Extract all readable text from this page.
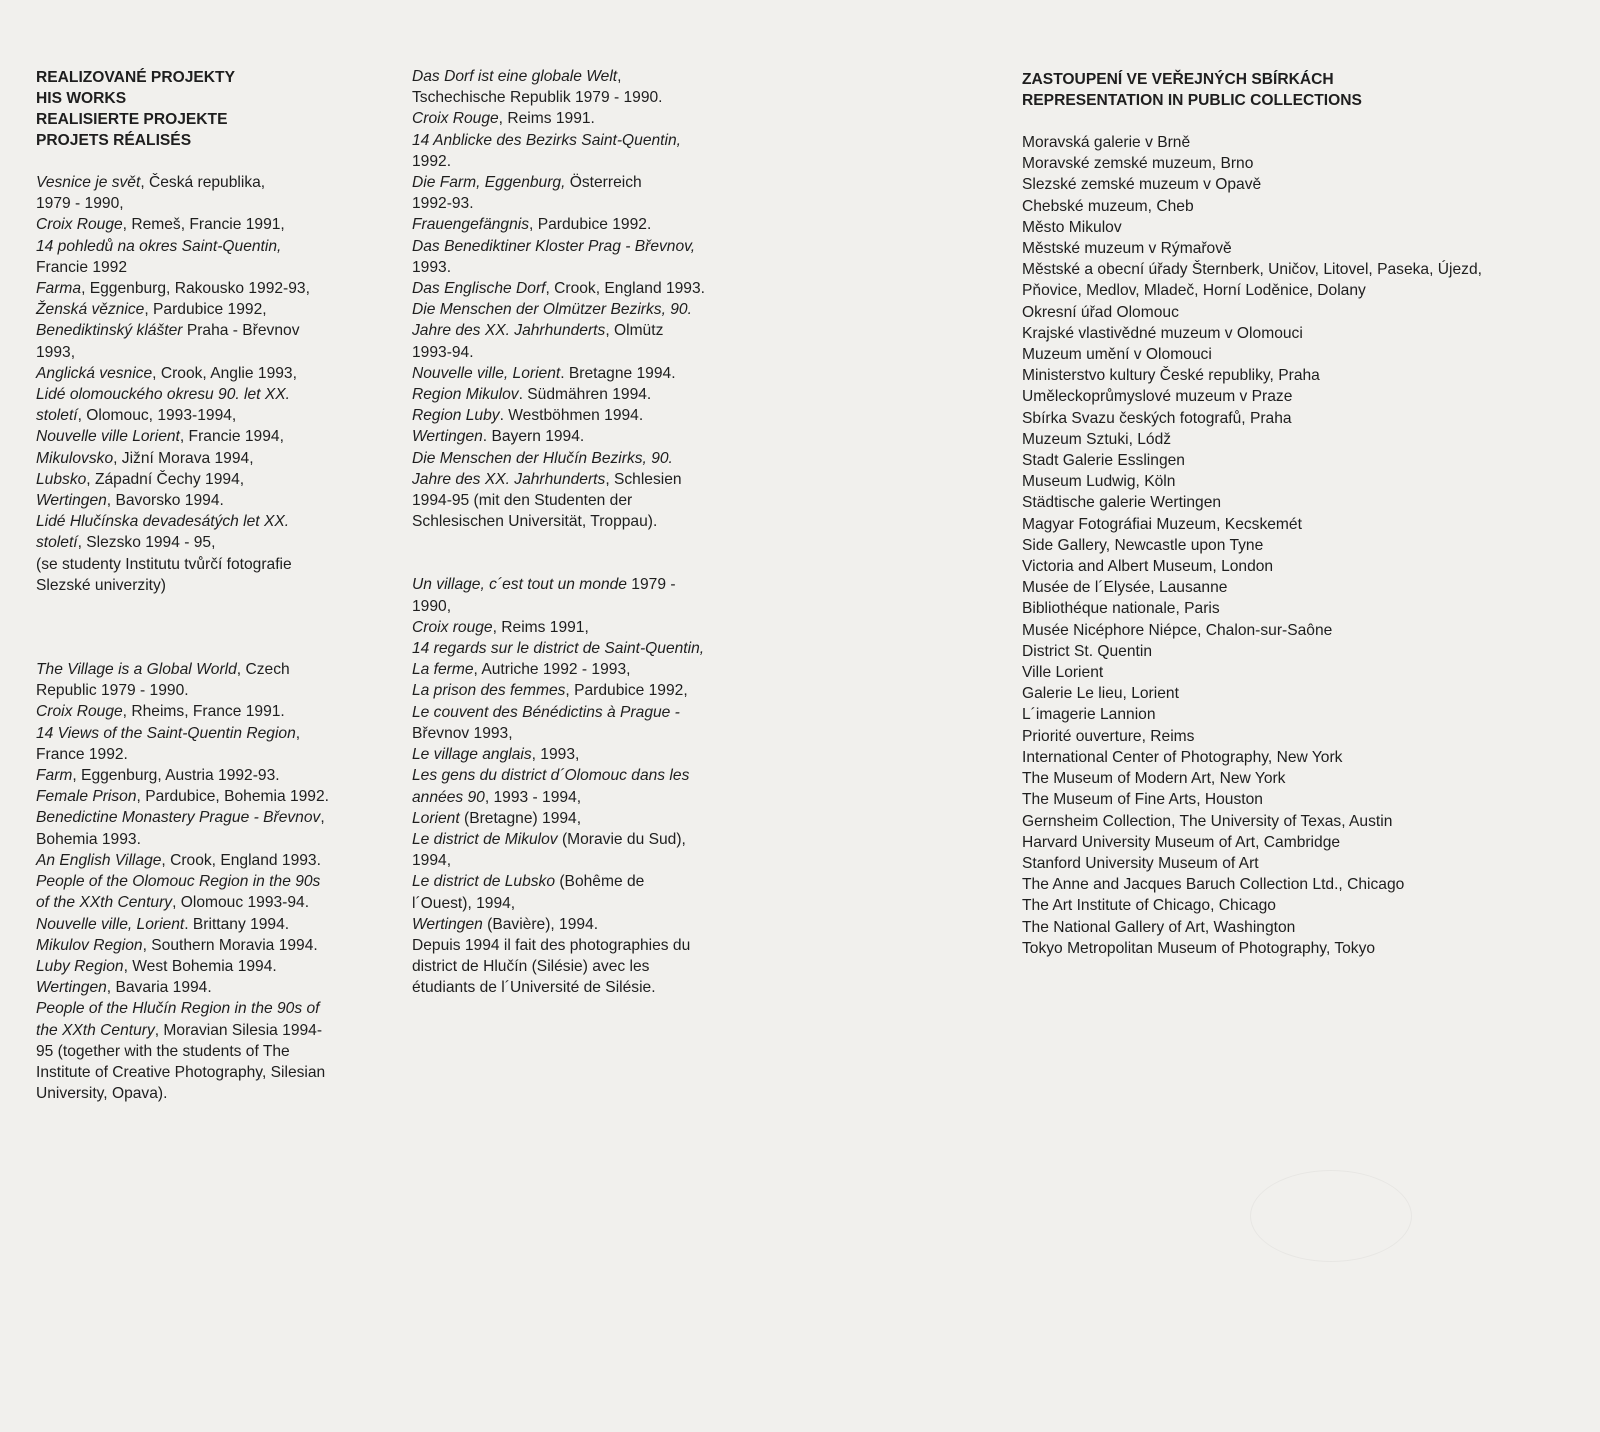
REALIZOVANÉ PROJEKTY
HIS WORKS
REALISIERTE PROJEKTE
PROJETS RÉALISÉS
Vesnice je svět, Česká republika,
1979 - 1990,
Croix Rouge, Remeš, Francie 1991,
14 pohledů na okres Saint-Quentin,
Francie 1992
Farma, Eggenburg, Rakousko 1992-93,
Ženská věznice, Pardubice 1992,
Benediktinský klášter Praha - Břevnov
1993,
Anglická vesnice, Crook, Anglie 1993,
Lidé olomouckého okresu 90. let XX.
století, Olomouc, 1993-1994,
Nouvelle ville Lorient, Francie 1994,
Mikulovsko, Jižní Morava 1994,
Lubsko, Západní Čechy 1994,
Wertingen, Bavorsko 1994.
Lidé Hlučínska devadesátých let XX.
století, Slezsko 1994 - 95,
(se studenty Institutu tvůrčí fotografie
Slezské univerzity)
The Village is a Global World, Czech
Republic 1979 - 1990.
Croix Rouge, Rheims, France 1991.
14 Views of the Saint-Quentin Region,
France 1992.
Farm, Eggenburg, Austria 1992-93.
Female Prison, Pardubice, Bohemia 1992.
Benedictine Monastery Prague - Břevnov,
Bohemia 1993.
An English Village, Crook, England 1993.
People of the Olomouc Region in the 90s
of the XXth Century, Olomouc 1993-94.
Nouvelle ville, Lorient. Brittany 1994.
Mikulov Region, Southern Moravia 1994.
Luby Region, West Bohemia 1994.
Wertingen, Bavaria 1994.
People of the Hlučín Region in the 90s of
the XXth Century, Moravian Silesia 1994-
95 (together with the students of The
Institute of Creative Photography, Silesian
University, Opava).
Das Dorf ist eine globale Welt,
Tschechische Republik 1979 - 1990.
Croix Rouge, Reims 1991.
14 Anblicke des Bezirks Saint-Quentin,
1992.
Die Farm, Eggenburg, Österreich
1992-93.
Frauengefängnis, Pardubice 1992.
Das Benediktiner Kloster Prag - Břevnov,
1993.
Das Englische Dorf, Crook, England 1993.
Die Menschen der Olmützer Bezirks, 90.
Jahre des XX. Jahrhunderts, Olmütz
1993-94.
Nouvelle ville, Lorient. Bretagne 1994.
Region Mikulov. Südmähren 1994.
Region Luby. Westböhmen 1994.
Wertingen. Bayern 1994.
Die Menschen der Hlučín Bezirks, 90.
Jahre des XX. Jahrhunderts, Schlesien
1994-95 (mit den Studenten der
Schlesischen Universität, Troppau).
Un village, c´est tout un monde 1979 -
1990,
Croix rouge, Reims 1991,
14 regards sur le district de Saint-Quentin,
La ferme, Autriche 1992 - 1993,
La prison des femmes, Pardubice 1992,
Le couvent des Bénédictins à Prague -
Břevnov 1993,
Le village anglais, 1993,
Les gens du district d´Olomouc dans les
années 90, 1993 - 1994,
Lorient (Bretagne) 1994,
Le district de Mikulov (Moravie du Sud),
1994,
Le district de Lubsko (Bohême de
l´Ouest), 1994,
Wertingen (Bavière), 1994.
Depuis 1994 il fait des photographies du
district de Hlučín (Silésie) avec les
étudiants de l´Université de Silésie.
ZASTOUPENÍ VE VEŘEJNÝCH SBÍRKÁCH
REPRESENTATION IN PUBLIC COLLECTIONS
Moravská galerie v Brně
Moravské zemské muzeum, Brno
Slezské zemské muzeum v Opavě
Chebské muzeum, Cheb
Město Mikulov
Městské muzeum v Rýmařově
Městské a obecní úřady Šternberk, Uničov, Litovel, Paseka, Újezd,
Pňovice, Medlov, Mladeč, Horní Loděnice, Dolany
Okresní úřad Olomouc
Krajské vlastivědné muzeum v Olomouci
Muzeum umění v Olomouci
Ministerstvo kultury České republiky, Praha
Uměleckoprůmyslové muzeum v Praze
Sbírka Svazu českých fotografů, Praha
Muzeum Sztuki, Lódž
Stadt Galerie Esslingen
Museum Ludwig, Köln
Städtische galerie Wertingen
Magyar Fotográfiai Muzeum, Kecskemét
Side Gallery, Newcastle upon Tyne
Victoria and Albert Museum, London
Musée de l´Elysée, Lausanne
Bibliothéque nationale, Paris
Musée Nicéphore Niépce, Chalon-sur-Saône
District St. Quentin
Ville Lorient
Galerie Le lieu, Lorient
L´imagerie Lannion
Priorité ouverture, Reims
International Center of Photography, New York
The Museum of Modern Art, New York
The Museum of Fine Arts, Houston
Gernsheim Collection, The University of Texas, Austin
Harvard University Museum of Art, Cambridge
Stanford University Museum of Art
The Anne and Jacques Baruch Collection Ltd., Chicago
The Art Institute of Chicago, Chicago
The National Gallery of Art, Washington
Tokyo Metropolitan Museum of Photography, Tokyo
